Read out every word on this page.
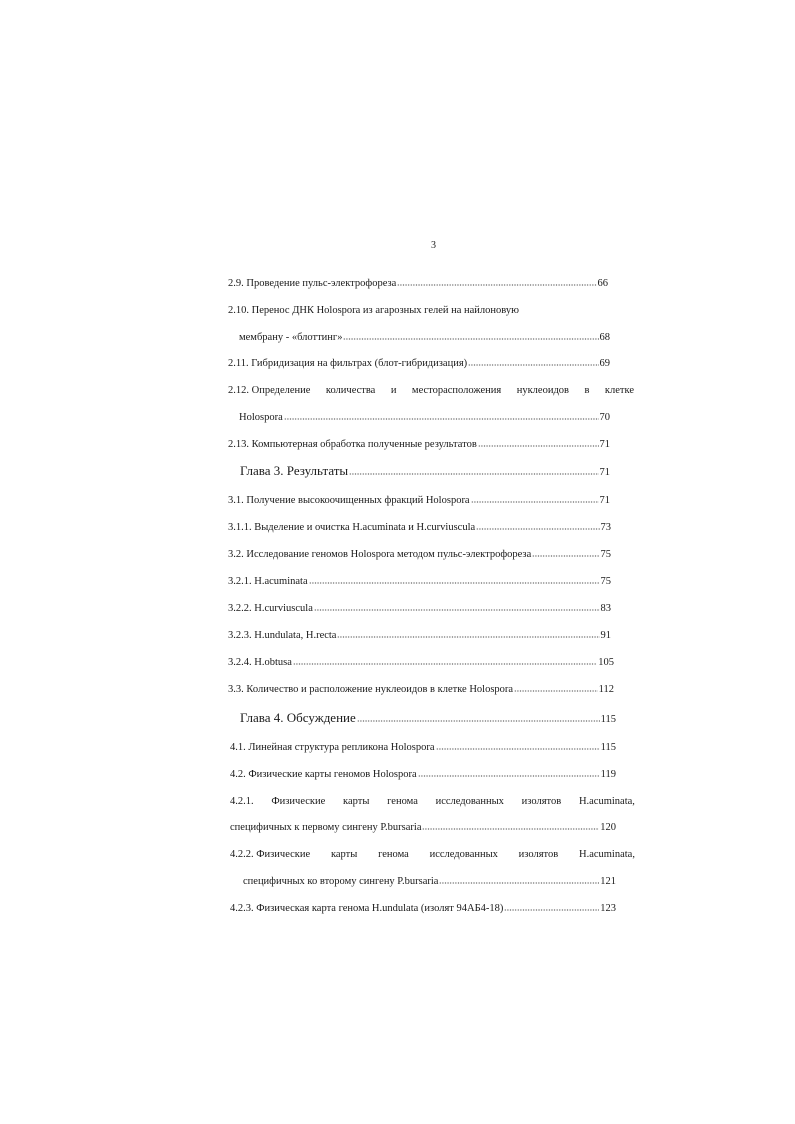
3
2.9. Проведение пульс-электрофореза	66
2.10. Перенос ДНК Holospora из агарозных гелей на найлоновую
мембрану - «блоттинг»	68
2.11. Гибридизация на фильтрах (блот-гибридизация)	69
2.12. Определение количества и месторасположения нуклеоидов в клетке
Holospora	70
2.13. Компьютерная обработка полученные результатов	71
Глава 3. Результаты	71
3.1. Получение высокоочищенных фракций Holospora	71
3.1.1. Выделение и очистка H.acuminata и H.curviuscula	73
3.2. Исследование геномов Holospora методом пульс-электрофореза	75
3.2.1. H.acuminata	75
3.2.2. H.curviuscula	83
3.2.3. H.undulata, H.recta	91
3.2.4. H.obtusa	105
3.3. Количество и расположение нуклеоидов в клетке Holospora	112
Глава 4. Обсуждение	115
4.1. Линейная структура репликона Holospora	115
4.2. Физические карты геномов Holospora	119
4.2.1. Физические карты генома исследованных изолятов H.acuminata,
специфичных к первому сингену P.bursaria	120
4.2.2. Физические карты генома исследованных изолятов H.acuminata,
специфичных ко второму сингену P.bursaria	121
4.2.3. Физическая карта генома H.undulata (изолят 94АБ4-18)	123
